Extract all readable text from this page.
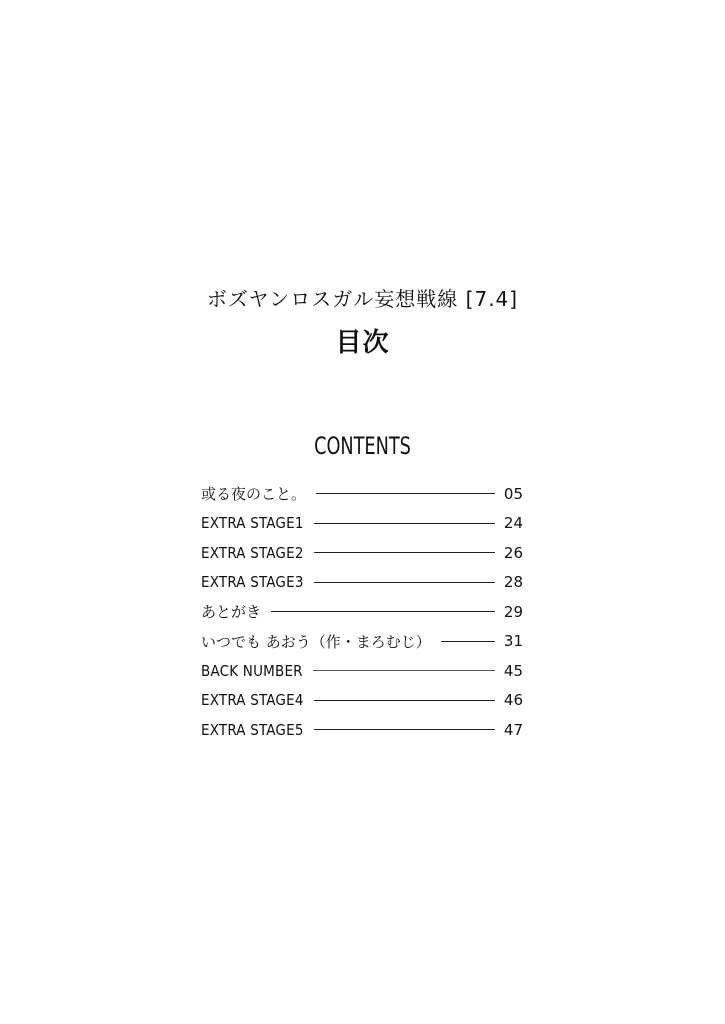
ボズヤンロスガル妄想戦線 [7.4]
目次
CONTENTS
或る夜のこと。	05
EXTRA STAGE1	24
EXTRA STAGE2	26
EXTRA STAGE3	28
あとがき	29
いつでも あおう（作・まろむじ）	31
BACK NUMBER	45
EXTRA STAGE4	46
EXTRA STAGE5	47
